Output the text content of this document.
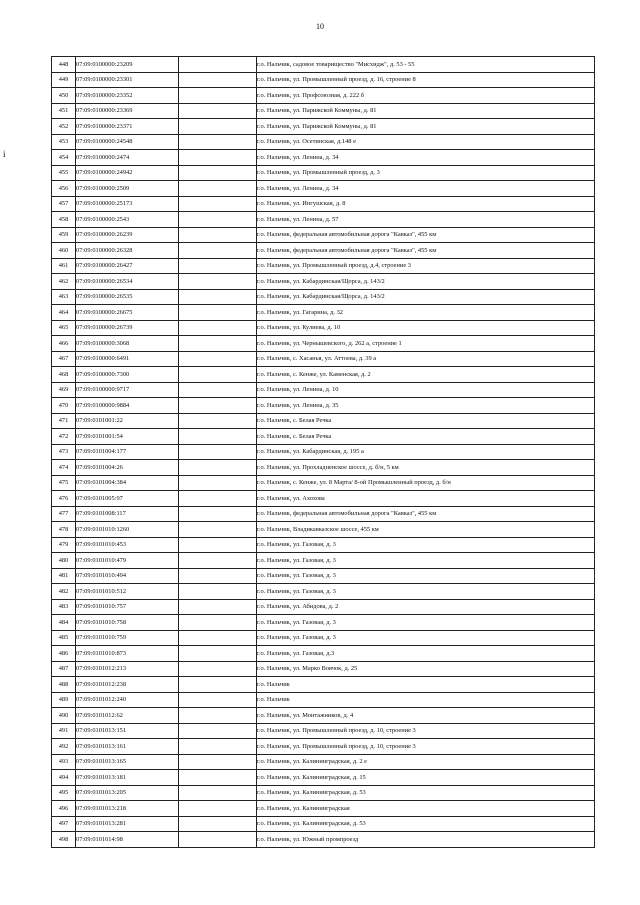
10
i
448	07:09:0100000:23209		г.о. Нальчик, садовое товарищество "Мисхидж", д. 53 - 55
449	07:09:0100000:23301		г.о. Нальчик, ул. Промышленный проезд, д. 16, строение 8
450	07:09:0100000:23352		г.о. Нальчик, ул. Профсоюзная, д. 222 б
451	07:09:0100000:23369		г.о. Нальчик, ул. Парижской Коммуны, д. 81
452	07:09:0100000:23371		г.о. Нальчик, ул. Парижской Коммуны, д. 81
453	07:09:0100000:24548		г.о. Нальчик, ул. Осетинская, д.148 е
454	07:09:0100000:2474		г.о. Нальчик, ул. Ленина, д. 34
455	07:09:0100000:24942		г.о. Нальчик, ул. Промышленный проезд, д. 3
456	07:09:0100000:2509		г.о. Нальчик, ул. Ленина, д. 34
457	07:09:0100000:25173		г.о. Нальчик, ул. Ингушская, д. 8
458	07:09:0100000:2543		г.о. Нальчик, ул. Ленина, д. 57
459	07:09:0100000:26239		г.о. Нальчик, федеральная автомобильная дорога "Кавказ", 455 км
460	07:09:0100000:26328		г.о. Нальчик, федеральная автомобильная дорога "Кавказ", 455 км
461	07:09:0100000:26427		г.о. Нальчик, ул. Промышленный проезд, д.4, строение 3
462	07:09:0100000:26534		г.о. Нальчик, ул. Кабардинская/Щорса, д. 143/2
463	07:09:0100000:26535		г.о. Нальчик, ул. Кабардинская/Щорса, д. 143/2
464	07:09:0100000:26675		г.о. Нальчик, ул. Гагарина, д. 32
465	07:09:0100000:26739		г.о. Нальчик, ул. Кулиева, д. 10
466	07:09:0100000:3068		г.о. Нальчик, ул. Чернышевского, д. 262 а, строение 1
467	07:09:0100000:6491		г.о. Нальчик, с. Хасанья, ул. Аттоева, д. 39 а
468	07:09:0100000:7300		г.о. Нальчик, с. Кенже, ул. Каменская, д. 2
469	07:09:0100000:9717		г.о. Нальчик, ул. Ленина, д. 10
470	07:09:0100000:9884		г.о. Нальчик, ул. Ленина, д. 35
471	07:09:0101001:22		г.о. Нальчик, с. Белая Речка
472	07:09:0101001:54		г.о. Нальчик, с. Белая Речка
473	07:09:0101004:177		г.о. Нальчик, ул. Кабардинская, д. 195 а
474	07:09:0101004:26		г.о. Нальчик, ул. Прохладненское шоссе, д. б/н, 5 км
475	07:09:0101004:384		г.о. Нальчик, с. Кенже, ул. 8 Марта/ 8-ой Промышленный проезд, д. б/н
476	07:09:0101005:97		г.о. Нальчик, ул. Ахохова
477	07:09:0101008:117		г.о. Нальчик, федеральная автомобильная дорога "Кавказ", 455 км
478	07:09:0101010:1260		г.о. Нальчик, Владикавказское шоссе, 455 км
479	07:09:0101010:453		г.о. Нальчик, ул. Газовая, д. 3
480	07:09:0101010:479		г.о. Нальчик, ул. Газовая, д. 3
481	07:09:0101010:494		г.о. Нальчик, ул. Газовая, д. 3
482	07:09:0101010:512		г.о. Нальчик, ул. Газовая, д. 3
483	07:09:0101010:757		г.о. Нальчик, ул. Абидова, д. 2
484	07:09:0101010:758		г.о. Нальчик, ул. Газовая, д. 3
485	07:09:0101010:759		г.о. Нальчик, ул. Газовая, д. 3
486	07:09:0101010:873		г.о. Нальчик, ул. Газовая, д.3
487	07:09:0101012:213		г.о. Нальчик, ул. Марко Вовчок, д. 25
488	07:09:0101012:238		г.о. Нальчик
489	07:09:0101012:240		г.о. Нальчик
490	07:09:0101012:62		г.о. Нальчик, ул. Монтажников, д. 4
491	07:09:0101013:151		г.о. Нальчик, ул. Промышленный проезд, д. 10, строение 3
492	07:09:0101013:161		г.о. Нальчик, ул. Промышленный проезд, д. 10, строение 3
493	07:09:0101013:165		г.о. Нальчик, ул. Калининградская, д. 2 е
494	07:09:0101013:181		г.о. Нальчик, ул. Калининградская, д. 15
495	07:09:0101013:205		г.о. Нальчик, ул. Калининградская, д. 53
496	07:09:0101013:218		г.о. Нальчик, ул. Калининградская
497	07:09:0101013:281		г.о. Нальчик, ул. Калининградская, д. 53
498	07:09:0101014:98		г.о. Нальчик, ул. Южный промпроезд
